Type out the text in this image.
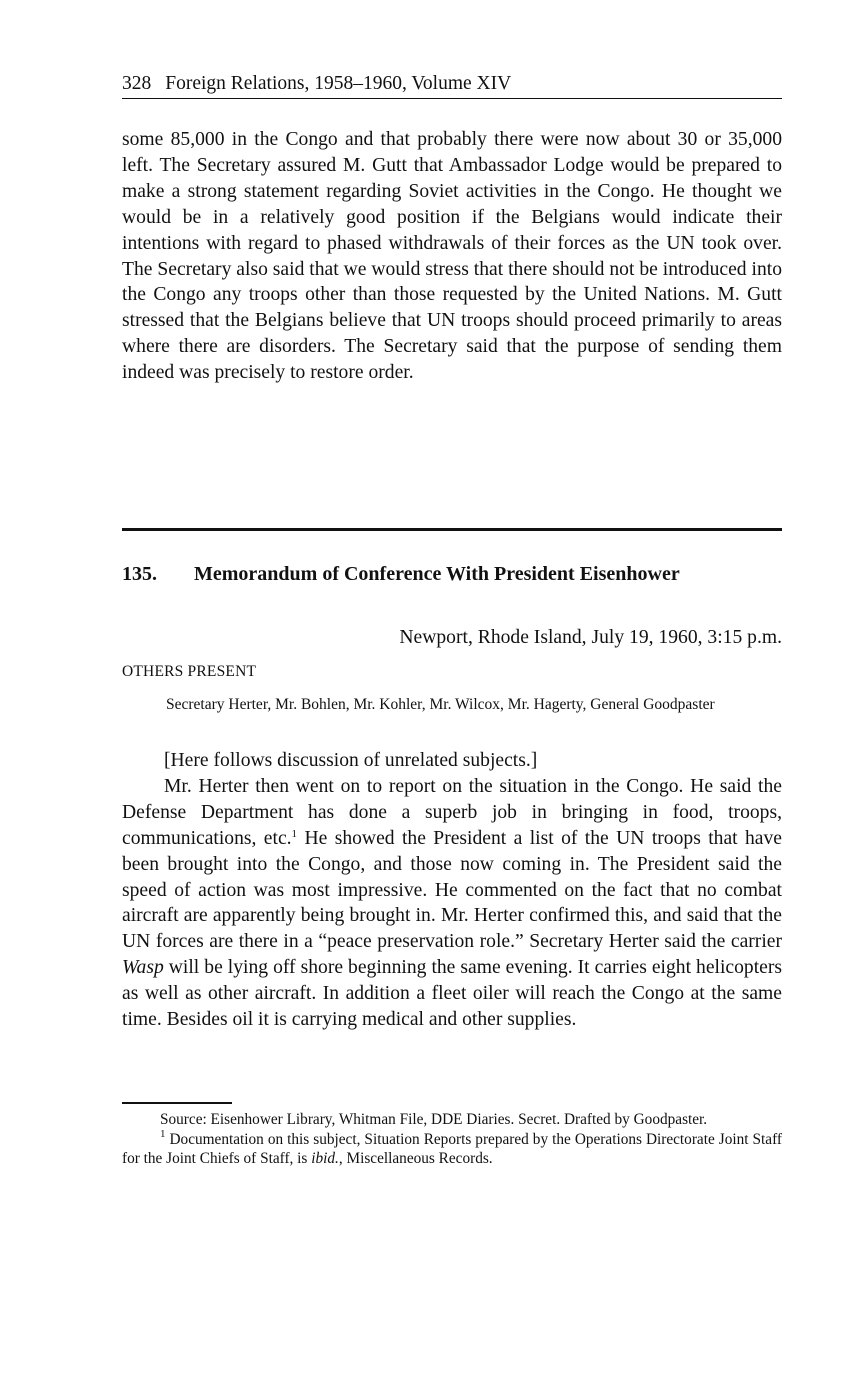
328 Foreign Relations, 1958–1960, Volume XIV

some 85,000 in the Congo and that probably there were now about 30 or 35,000 left. The Secretary assured M. Gutt that Ambassador Lodge would be prepared to make a strong statement regarding Soviet activities in the Congo. He thought we would be in a relatively good position if the Belgians would indicate their intentions with regard to phased withdrawals of their forces as the UN took over. The Secretary also said that we would stress that there should not be introduced into the Congo any troops other than those requested by the United Nations. M. Gutt stressed that the Belgians believe that UN troops should proceed primarily to areas where there are disorders. The Secretary said that the purpose of sending them indeed was precisely to restore order.

135. Memorandum of Conference With President Eisenhower
Newport, Rhode Island, July 19, 1960, 3:15 p.m.
OTHERS PRESENT
Secretary Herter, Mr. Bohlen, Mr. Kohler, Mr. Wilcox, Mr. Hagerty, General Goodpaster

[Here follows discussion of unrelated subjects.]

Mr. Herter then went on to report on the situation in the Congo. He said the Defense Department has done a superb job in bringing in food, troops, communications, etc.$^1$ He showed the President a list of the UN troops that have been brought into the Congo, and those now coming in. The President said the speed of action was most impressive. He commented on the fact that no combat aircraft are apparently being brought in. Mr. Herter confirmed this, and said that the UN forces are there in a “peace preservation role.” Secretary Herter said the carrier Wasp will be lying off shore beginning the same evening. It carries eight helicopters as well as other aircraft. In addition a fleet oiler will reach the Congo at the same time. Besides oil it is carrying medical and other supplies.

Source: Eisenhower Library, Whitman File, DDE Diaries. Secret. Drafted by Goodpaster.

$^1$ Documentation on this subject, Situation Reports prepared by the Operations Directorate Joint Staff for the Joint Chiefs of Staff, is ibid., Miscellaneous Records.
